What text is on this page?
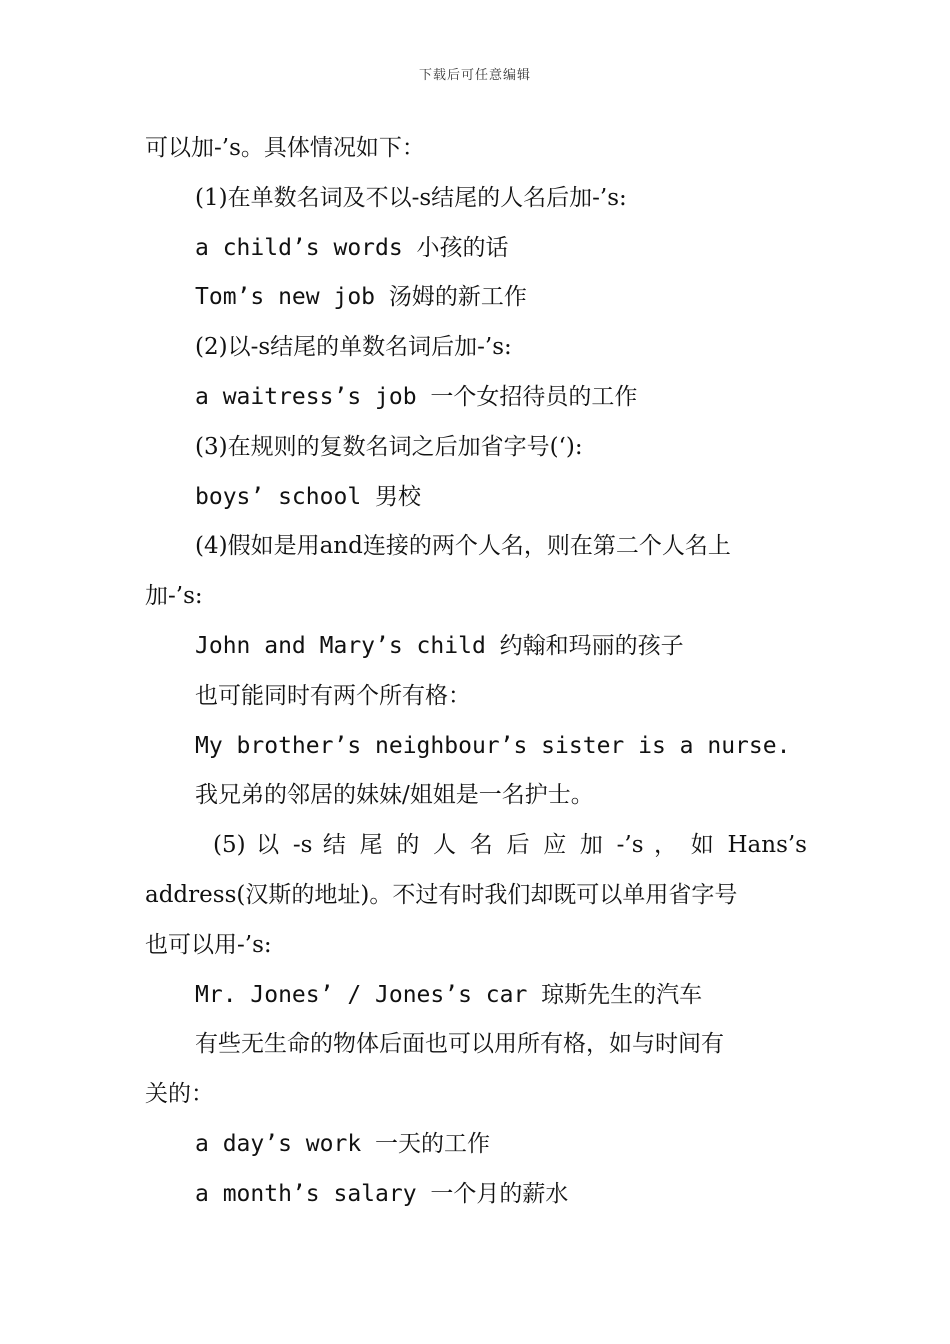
下载后可任意编辑
可以加-’s。具体情况如下：
(1)在单数名词及不以-s结尾的人名后加-’s:
a child’s words 小孩的话
Tom’s new job 汤姆的新工作
(2)以-s结尾的单数名词后加-’s:
a waitress’s job 一个女招待员的工作
(3)在规则的复数名词之后加省字号(‘):
boys’ school 男校
(4)假如是用and连接的两个人名，则在第二个人名上
加-’s:
John and Mary’s child 约翰和玛丽的孩子
也可能同时有两个所有格：
My brother’s neighbour’s sister is a nurse.
我兄弟的邻居的妹妹/姐姐是一名护士。
(5) 以 -s 结 尾 的 人 名 后 应 加 -’s ， 如 Hans’s
address(汉斯的地址)。不过有时我们却既可以单用省字号
也可以用-’s:
Mr. Jones’ / Jones’s car 琼斯先生的汽车
有些无生命的物体后面也可以用所有格，如与时间有
关的：
a day’s work 一天的工作
a month’s salary 一个月的薪水
